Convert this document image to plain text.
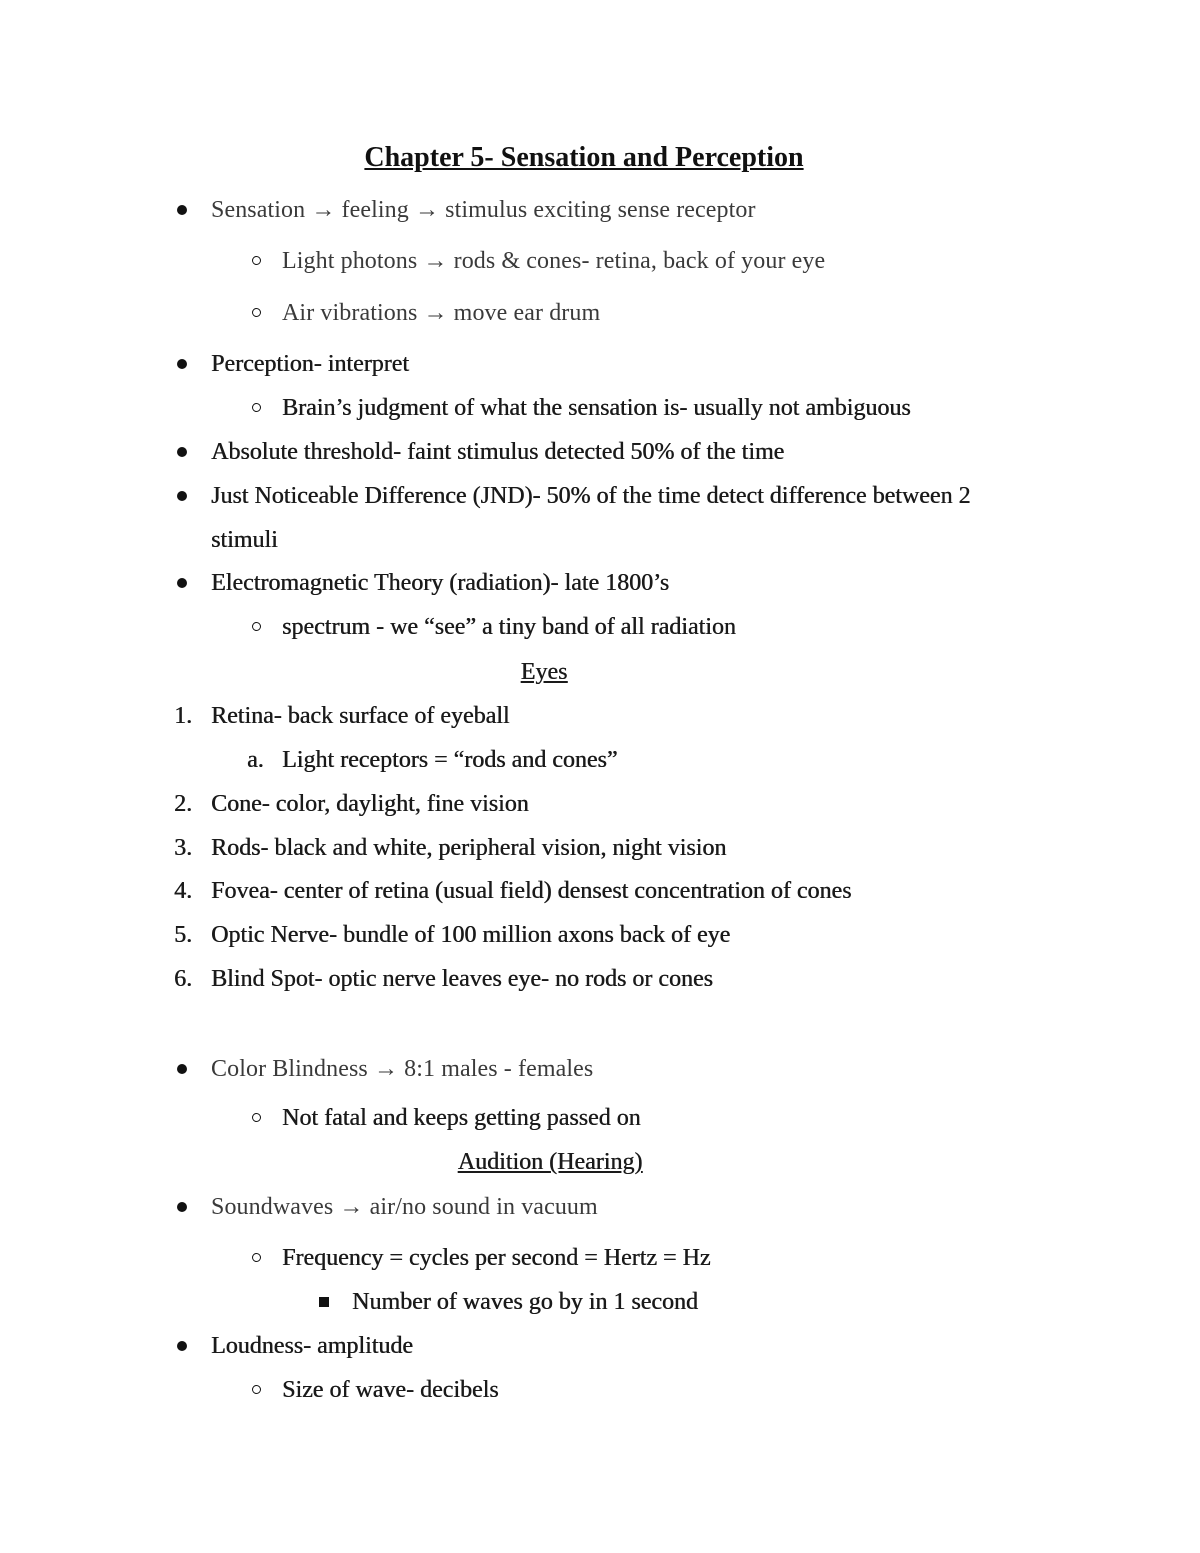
Chapter 5- Sensation and Perception
Sensation → feeling → stimulus exciting sense receptor
Light photons → rods & cones- retina, back of your eye
Air vibrations → move ear drum
Perception- interpret
Brain’s judgment of what the sensation is- usually not ambiguous
Absolute threshold- faint stimulus detected 50% of the time
Just Noticeable Difference (JND)- 50% of the time detect difference between 2
stimuli
Electromagnetic Theory (radiation)- late 1800’s
spectrum - we “see” a tiny band of all radiation
Eyes
1. Retina- back surface of eyeball
a. Light receptors = “rods and cones”
2. Cone- color, daylight, fine vision
3. Rods- black and white, peripheral vision, night vision
4. Fovea- center of retina (usual field) densest concentration of cones
5. Optic Nerve- bundle of 100 million axons back of eye
6. Blind Spot- optic nerve leaves eye- no rods or cones
Color Blindness → 8:1 males - females
Not fatal and keeps getting passed on
Audition (Hearing)
Soundwaves → air/no sound in vacuum
Frequency = cycles per second = Hertz = Hz
Number of waves go by in 1 second
Loudness- amplitude
Size of wave- decibels
